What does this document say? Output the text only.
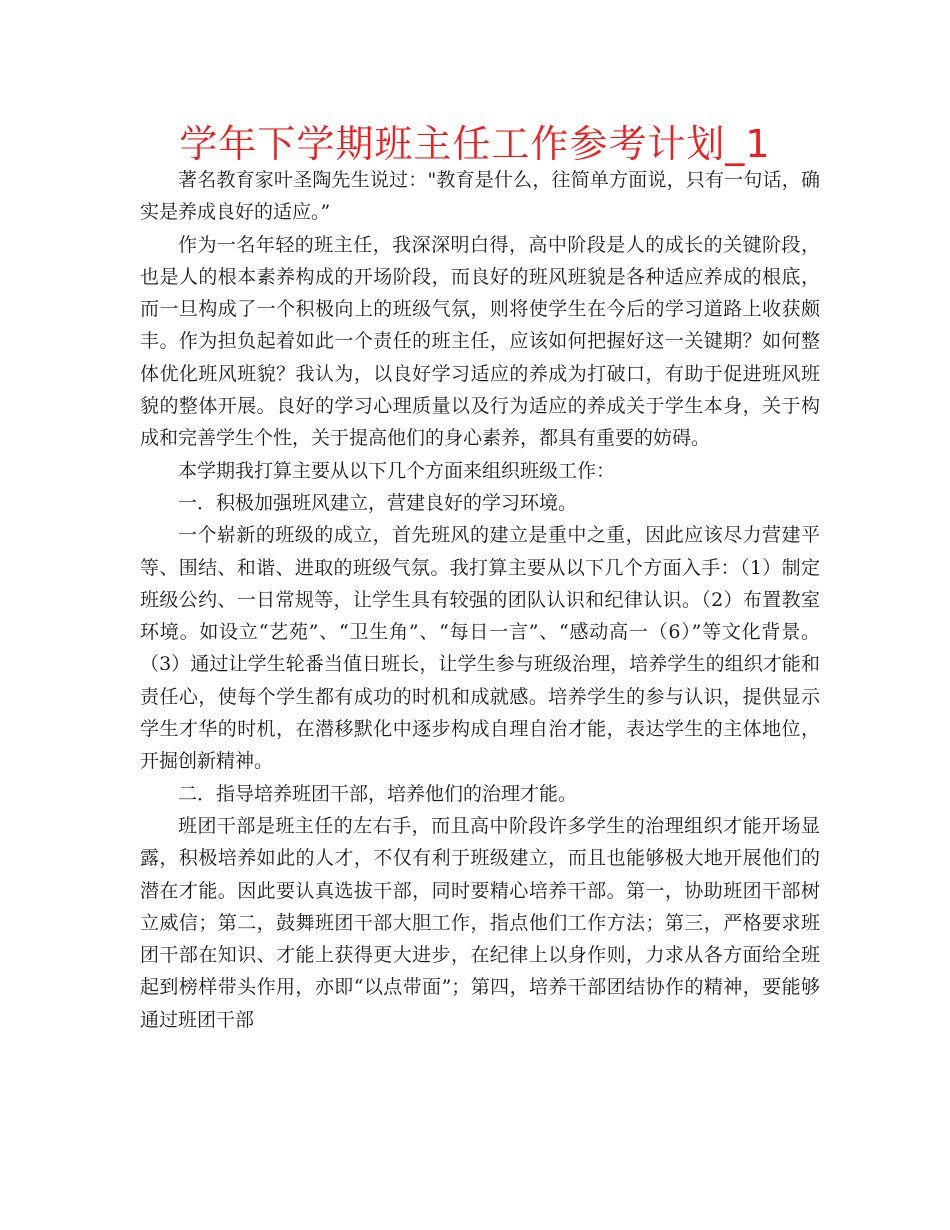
学年下学期班主任工作参考计划_1

著名教育家叶圣陶先生说过："教育是什么，往简单方面说，只有一句话，确实是养成良好的适应。”

作为一名年轻的班主任，我深深明白得，高中阶段是人的成长的关键阶段，也是人的根本素养构成的开场阶段，而良好的班风班貌是各种适应养成的根底，而一旦构成了一个积极向上的班级气氛，则将使学生在今后的学习道路上收获颇丰。作为担负起着如此一个责任的班主任，应该如何把握好这一关键期？如何整体优化班风班貌？我认为，以良好学习适应的养成为打破口，有助于促进班风班貌的整体开展。良好的学习心理质量以及行为适应的养成关于学生本身，关于构成和完善学生个性，关于提高他们的身心素养，都具有重要的妨碍。

本学期我打算主要从以下几个方面来组织班级工作：

一．积极加强班风建立，营建良好的学习环境。

一个崭新的班级的成立，首先班风的建立是重中之重，因此应该尽力营建平等、围结、和谐、进取的班级气氛。我打算主要从以下几个方面入手：（1）制定班级公约、一日常规等，让学生具有较强的团队认识和纪律认识。（2）布置教室环境。如设立“艺苑”、“卫生角”、“每日一言”、“感动高一（6）”等文化背景。（3）通过让学生轮番当值日班长，让学生参与班级治理，培养学生的组织才能和责任心，使每个学生都有成功的时机和成就感。培养学生的参与认识，提供显示学生才华的时机，在潜移默化中逐步构成自理自治才能，表达学生的主体地位，开掘创新精神。

二．指导培养班团干部，培养他们的治理才能。

班团干部是班主任的左右手，而且高中阶段许多学生的治理组织才能开场显露，积极培养如此的人才，不仅有利于班级建立，而且也能够极大地开展他们的潜在才能。因此要认真选拔干部，同时要精心培养干部。第一，协助班团干部树立威信；第二，鼓舞班团干部大胆工作，指点他们工作方法；第三，严格要求班团干部在知识、才能上获得更大进步，在纪律上以身作则，力求从各方面给全班起到榜样带头作用，亦即“以点带面”；第四，培养干部团结协作的精神，要能够通过班团干部
